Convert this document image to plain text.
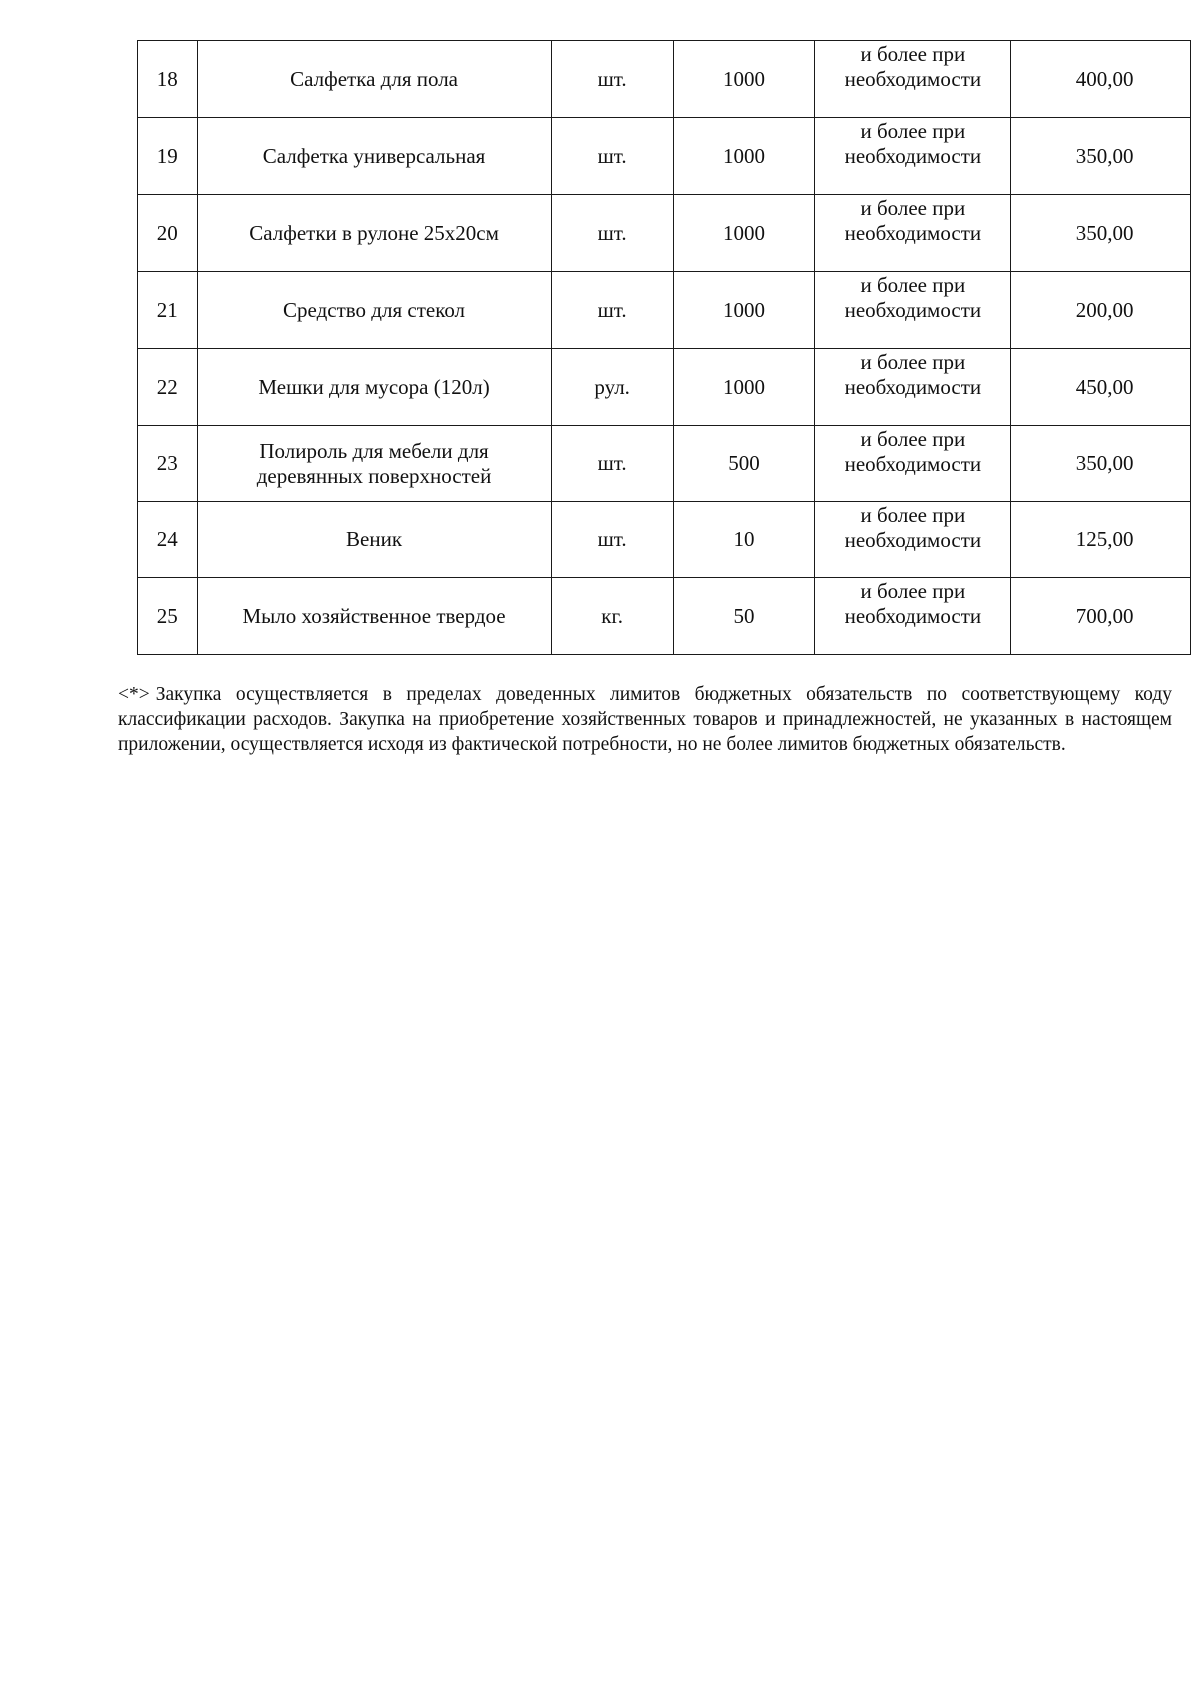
18	Салфетка для пола	шт.	1000	и более при
необходимости	400,00
19	Салфетка универсальная	шт.	1000	и более при
необходимости	350,00
20	Салфетки в рулоне 25х20см	шт.	1000	и более при
необходимости	350,00
21	Средство для стекол	шт.	1000	и более при
необходимости	200,00
22	Мешки для мусора (120л)	рул.	1000	и более при
необходимости	450,00
23	Полироль для мебели для
деревянных поверхностей	шт.	500	и более при
необходимости	350,00
24	Веник	шт.	10	и более при
необходимости	125,00
25	Мыло хозяйственное твердое	кг.	50	и более при
необходимости	700,00
<*> Закупка осуществляется в пределах доведенных лимитов бюджетных обязательств по соответствующему коду классификации расходов. Закупка на приобретение хозяйственных товаров и принадлежностей, не указанных в настоящем приложении, осуществляется исходя из фактической потребности, но не более лимитов бюджетных обязательств.
